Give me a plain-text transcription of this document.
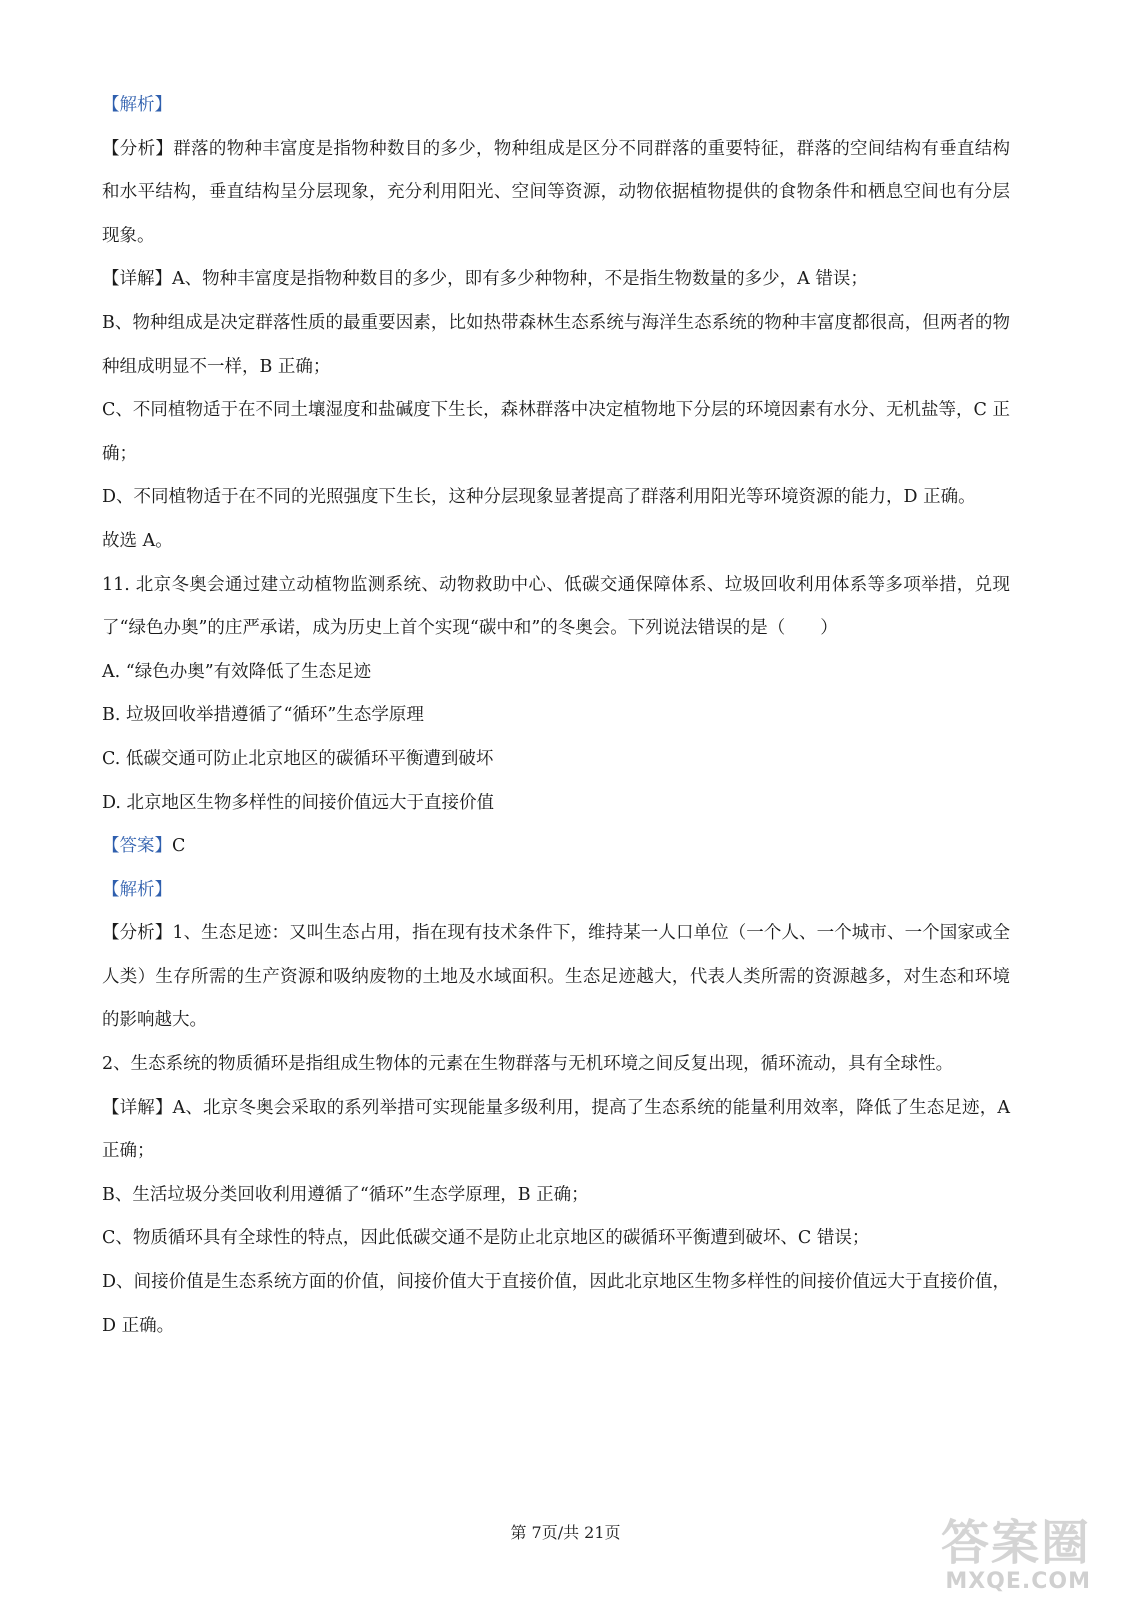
【解析】

【分析】群落的物种丰富度是指物种数目的多少，物种组成是区分不同群落的重要特征，群落的空间结构有垂直结构和水平结构，垂直结构呈分层现象，充分利用阳光、空间等资源，动物依据植物提供的食物条件和栖息空间也有分层现象。

【详解】A、物种丰富度是指物种数目的多少，即有多少种物种，不是指生物数量的多少，A 错误；

B、物种组成是决定群落性质的最重要因素，比如热带森林生态系统与海洋生态系统的物种丰富度都很高，但两者的物种组成明显不一样，B 正确；

C、不同植物适于在不同土壤湿度和盐碱度下生长，森林群落中决定植物地下分层的环境因素有水分、无机盐等，C 正确；

D、不同植物适于在不同的光照强度下生长，这种分层现象显著提高了群落利用阳光等环境资源的能力，D 正确。

故选 A。

11. 北京冬奥会通过建立动植物监测系统、动物救助中心、低碳交通保障体系、垃圾回收利用体系等多项举措，兑现了“绿色办奥”的庄严承诺，成为历史上首个实现“碳中和”的冬奥会。下列说法错误的是（　　）

A. “绿色办奥”有效降低了生态足迹

B. 垃圾回收举措遵循了“循环”生态学原理

C. 低碳交通可防止北京地区的碳循环平衡遭到破坏

D. 北京地区生物多样性的间接价值远大于直接价值

【答案】C

【解析】

【分析】1、生态足迹：又叫生态占用，指在现有技术条件下，维持某一人口单位（一个人、一个城市、一个国家或全人类）生存所需的生产资源和吸纳废物的土地及水域面积。生态足迹越大，代表人类所需的资源越多，对生态和环境的影响越大。

2、生态系统的物质循环是指组成生物体的元素在生物群落与无机环境之间反复出现，循环流动，具有全球性。

【详解】A、北京冬奥会采取的系列举措可实现能量多级利用，提高了生态系统的能量利用效率，降低了生态足迹，A 正确；

B、生活垃圾分类回收利用遵循了“循环”生态学原理，B 正确；

C、物质循环具有全球性的特点，因此低碳交通不是防止北京地区的碳循环平衡遭到破坏、C 错误；

D、间接价值是生态系统方面的价值，间接价值大于直接价值，因此北京地区生物多样性的间接价值远大于直接价值，D 正确。

第 7页/共 21页	答案圈
MXQE.COM
